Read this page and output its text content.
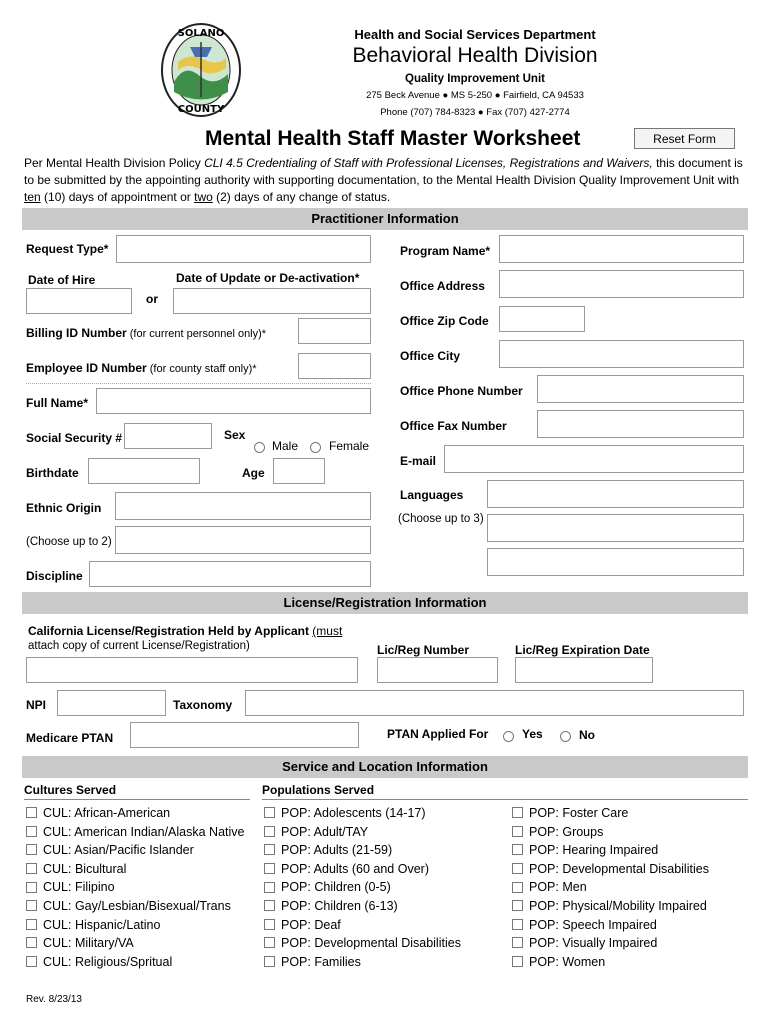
SOLANO
COUNTY
Health and Social Services Department
Behavioral Health Division
Quality Improvement Unit
275 Beck Avenue ● MS 5-250 ● Fairfield, CA 94533
Phone (707) 784-8323 ● Fax (707) 427-2774
Mental Health Staff Master Worksheet	Reset Form
Per Mental Health Division Policy CLI 4.5 Credentialing of Staff with Professional Licenses, Registrations and Waivers, this document is to be submitted by the appointing authority with supporting documentation, to the Mental Health Division Quality Improvement Unit with ten (10) days of appointment or two (2) days of any change of status.
Practitioner Information
Request Type*
Date of Hire	Date of Update or De-activation*
or
Billing ID Number (for current personnel only)*
Employee ID Number (for county staff only)*
Full Name*
Social Security #	Sex
Male	Female
Birthdate	Age
Ethnic Origin
(Choose up to 2)
Discipline
Program Name*
Office Address
Office Zip Code
Office City
Office Phone Number
Office Fax Number
E-mail
Languages
(Choose up to 3)
License/Registration Information
California License/Registration Held by Applicant (must
attach copy of current License/Registration)	Lic/Reg Number	Lic/Reg Expiration Date
NPI	Taxonomy
Medicare PTAN	PTAN Applied For	Yes	No
Service and Location Information
Cultures Served	Populations Served
CUL: African-American
CUL: American Indian/Alaska Native
CUL: Asian/Pacific Islander
CUL: Bicultural
CUL: Filipino
CUL: Gay/Lesbian/Bisexual/Trans
CUL: Hispanic/Latino
CUL: Military/VA
CUL: Religious/Spritual
POP: Adolescents (14-17)
POP: Adult/TAY
POP: Adults (21-59)
POP: Adults (60 and Over)
POP: Children (0-5)
POP: Children (6-13)
POP: Deaf
POP: Developmental Disabilities
POP: Families
POP: Foster Care
POP: Groups
POP: Hearing Impaired
POP: Developmental Disabilities
POP: Men
POP: Physical/Mobility Impaired
POP: Speech Impaired
POP: Visually Impaired
POP: Women
Rev. 8/23/13
